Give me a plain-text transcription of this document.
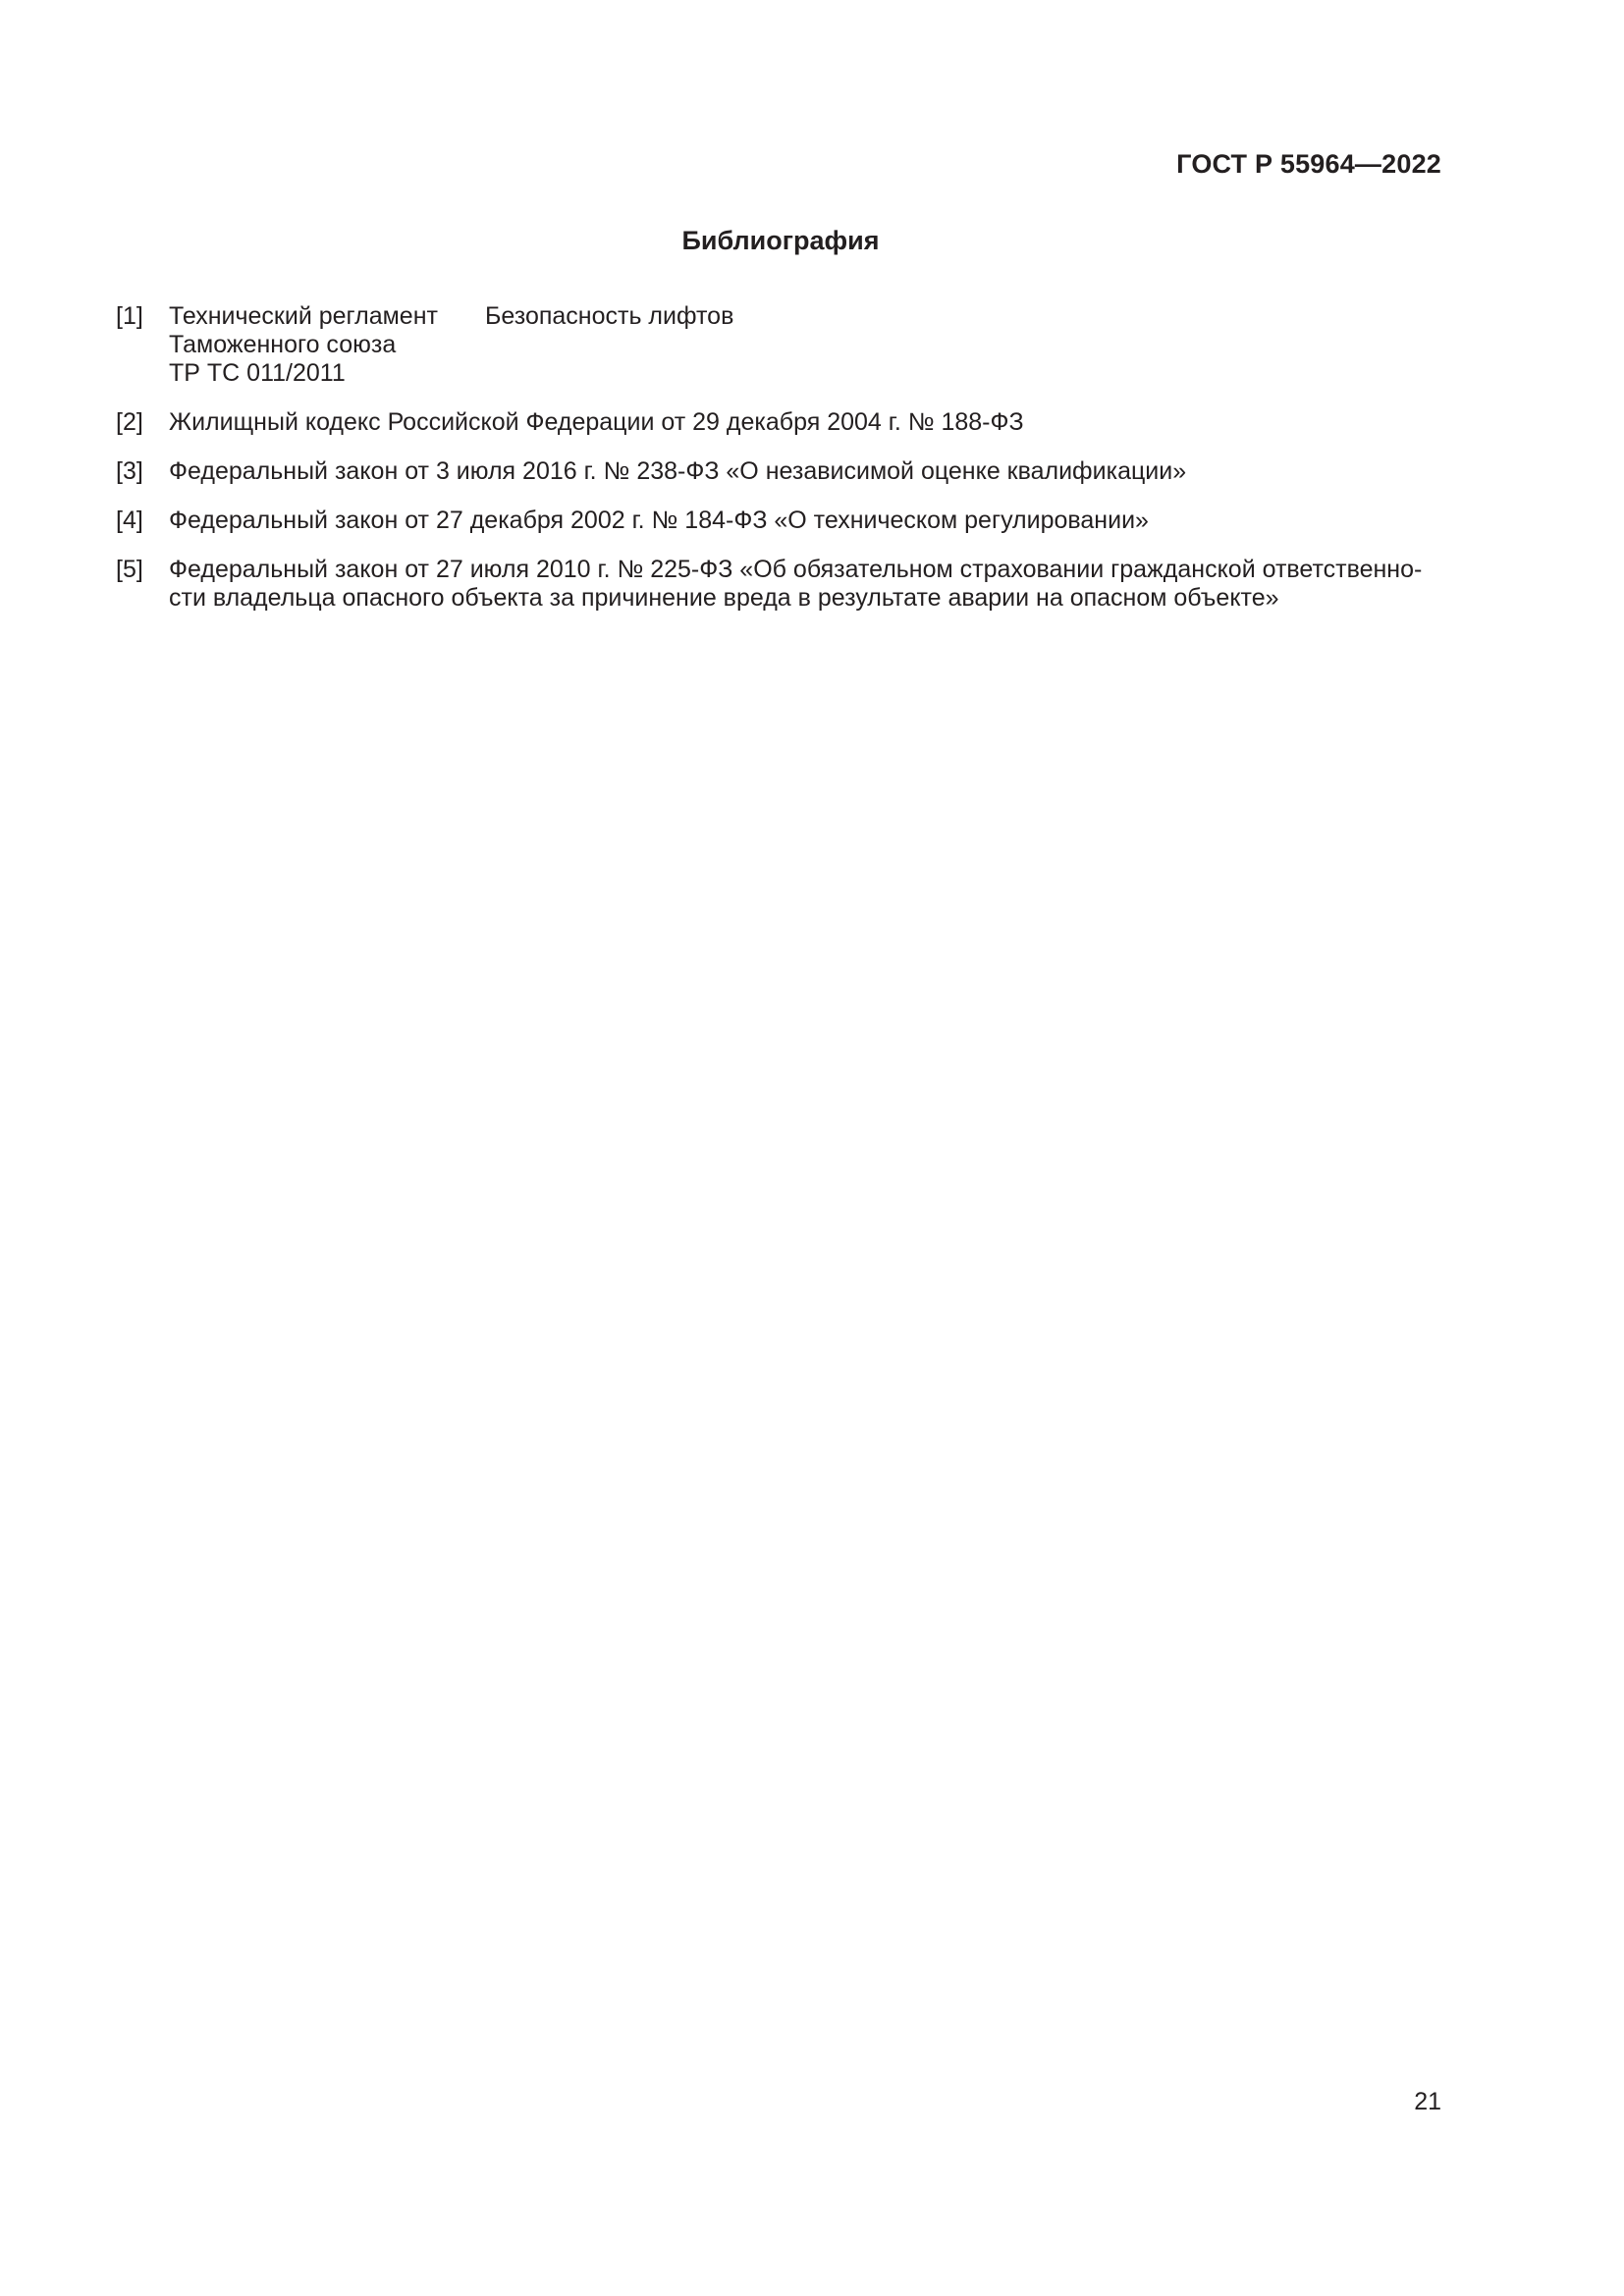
ГОСТ Р 55964—2022
Библиография
[1] Технический регламент
Таможенного союза
ТР ТС 011/2011
Безопасность лифтов
[2] Жилищный кодекс Российской Федерации от 29 декабря 2004 г. № 188-ФЗ
[3] Федеральный закон от 3 июля 2016 г. № 238-ФЗ «О независимой оценке квалификации»
[4] Федеральный закон от 27 декабря 2002 г. № 184-ФЗ «О техническом регулировании»
[5] Федеральный закон от 27 июля 2010 г. № 225-ФЗ «Об обязательном страховании гражданской ответственно-
сти владельца опасного объекта за причинение вреда в результате аварии на опасном объекте»
21
